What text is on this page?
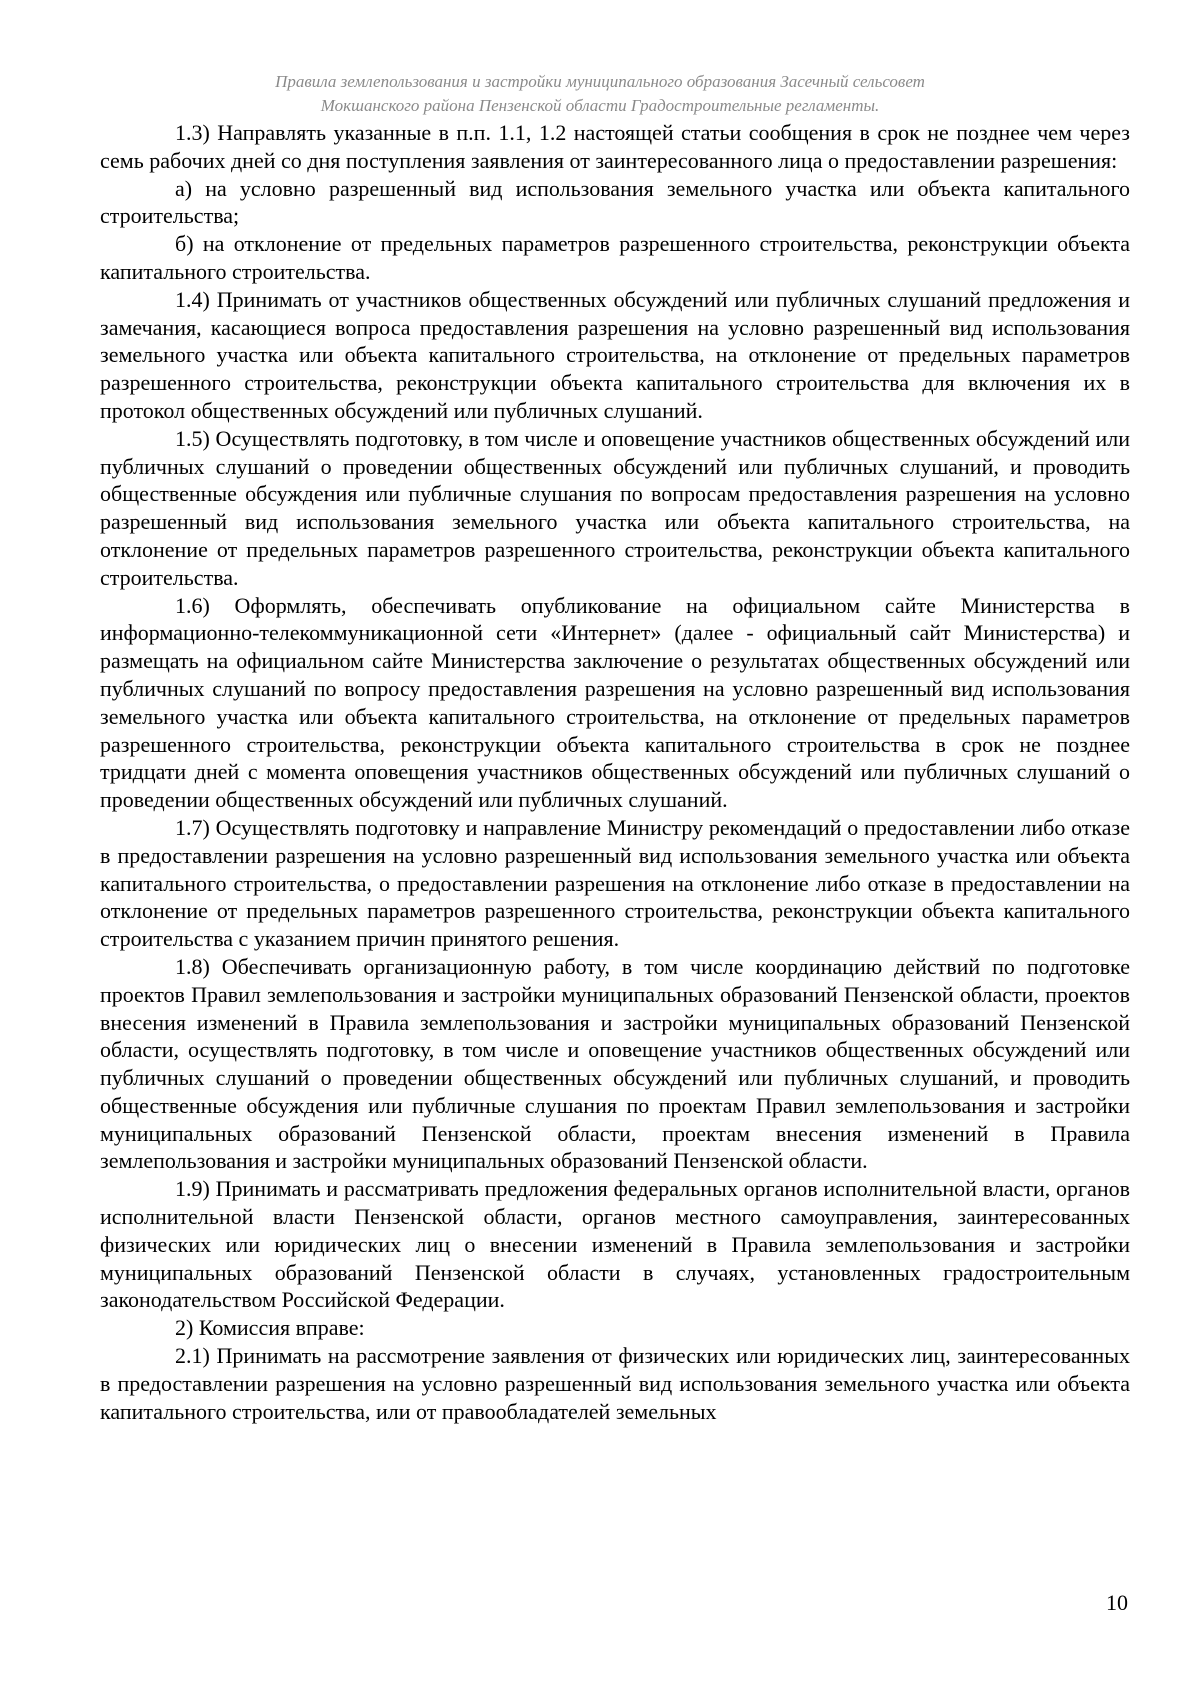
Правила землепользования и застройки муниципального образования Засечный сельсовет
Мокшанского района Пензенской области Градостроительные регламенты.

1.3) Направлять указанные в п.п. 1.1, 1.2 настоящей статьи сообщения в срок не позднее чем через семь рабочих дней со дня поступления заявления от заинтересованного лица о предоставлении разрешения:

а) на условно разрешенный вид использования земельного участка или объекта капитального строительства;

б) на отклонение от предельных параметров разрешенного строительства, реконструкции объекта капитального строительства.

1.4) Принимать от участников общественных обсуждений или публичных слушаний предложения и замечания, касающиеся вопроса предоставления разрешения на условно разрешенный вид использования земельного участка или объекта капитального строительства, на отклонение от предельных параметров разрешенного строительства, реконструкции объекта капитального строительства для включения их в протокол общественных обсуждений или публичных слушаний.

1.5) Осуществлять подготовку, в том числе и оповещение участников общественных обсуждений или публичных слушаний о проведении общественных обсуждений или публичных слушаний, и проводить общественные обсуждения или публичные слушания по вопросам предоставления разрешения на условно разрешенный вид использования земельного участка или объекта капитального строительства, на отклонение от предельных параметров разрешенного строительства, реконструкции объекта капитального строительства.

1.6) Оформлять, обеспечивать опубликование на официальном сайте Министерства в информационно-телекоммуникационной сети «Интернет» (далее - официальный сайт Министерства) и размещать на официальном сайте Министерства заключение о результатах общественных обсуждений или публичных слушаний по вопросу предоставления разрешения на условно разрешенный вид использования земельного участка или объекта капитального строительства, на отклонение от предельных параметров разрешенного строительства, реконструкции объекта капитального строительства в срок не позднее тридцати дней с момента оповещения участников общественных обсуждений или публичных слушаний о проведении общественных обсуждений или публичных слушаний.

1.7) Осуществлять подготовку и направление Министру рекомендаций о предоставлении либо отказе в предоставлении разрешения на условно разрешенный вид использования земельного участка или объекта капитального строительства, о предоставлении разрешения на отклонение либо отказе в предоставлении на отклонение от предельных параметров разрешенного строительства, реконструкции объекта капитального строительства с указанием причин принятого решения.

1.8) Обеспечивать организационную работу, в том числе координацию действий по подготовке проектов Правил землепользования и застройки муниципальных образований Пензенской области, проектов внесения изменений в Правила землепользования и застройки муниципальных образований Пензенской области, осуществлять подготовку, в том числе и оповещение участников общественных обсуждений или публичных слушаний о проведении общественных обсуждений или публичных слушаний, и проводить общественные обсуждения или публичные слушания по проектам Правил землепользования и застройки муниципальных образований Пензенской области, проектам внесения изменений в Правила землепользования и застройки муниципальных образований Пензенской области.

1.9) Принимать и рассматривать предложения федеральных органов исполнительной власти, органов исполнительной власти Пензенской области, органов местного самоуправления, заинтересованных физических или юридических лиц о внесении изменений в Правила землепользования и застройки муниципальных образований Пензенской области в случаях, установленных градостроительным законодательством Российской Федерации.

2) Комиссия вправе:

2.1) Принимать на рассмотрение заявления от физических или юридических лиц, заинтересованных в предоставлении разрешения на условно разрешенный вид использования земельного участка или объекта капитального строительства, или от правообладателей земельных

10
